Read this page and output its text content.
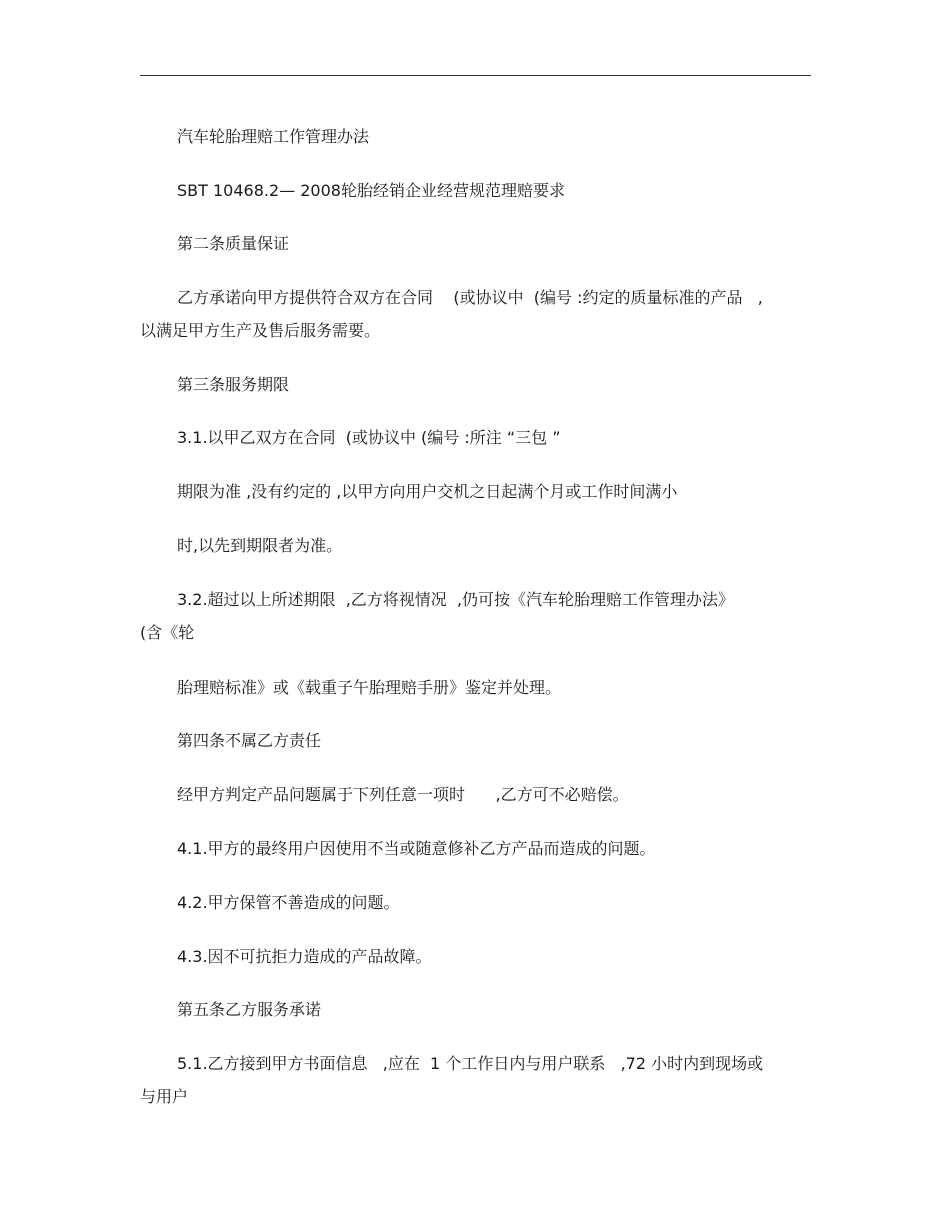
汽车轮胎理赔工作管理办法

SBT 10468.2— 2008轮胎经销企业经营规范理赔要求

第二条质量保证

乙方承诺向甲方提供符合双方在合同    (或协议中  (编号 :约定的质量标准的产品   ,

以满足甲方生产及售后服务需要。

第三条服务期限

3.1.以甲乙双方在合同  (或协议中 (编号 :所注 “三包 ”

期限为准 ,没有约定的 ,以甲方向用户交机之日起满个月或工作时间满小

时,以先到期限者为准。

3.2.超过以上所述期限  ,乙方将视情况  ,仍可按《汽车轮胎理赔工作管理办法》

(含《轮

胎理赔标准》或《载重子午胎理赔手册》鉴定并处理。

第四条不属乙方责任

经甲方判定产品问题属于下列任意一项时      ,乙方可不必赔偿。

4.1.甲方的最终用户因使用不当或随意修补乙方产品而造成的问题。

4.2.甲方保管不善造成的问题。

4.3.因不可抗拒力造成的产品故障。

第五条乙方服务承诺

5.1.乙方接到甲方书面信息   ,应在  1 个工作日内与用户联系   ,72 小时内到现场或

与用户
